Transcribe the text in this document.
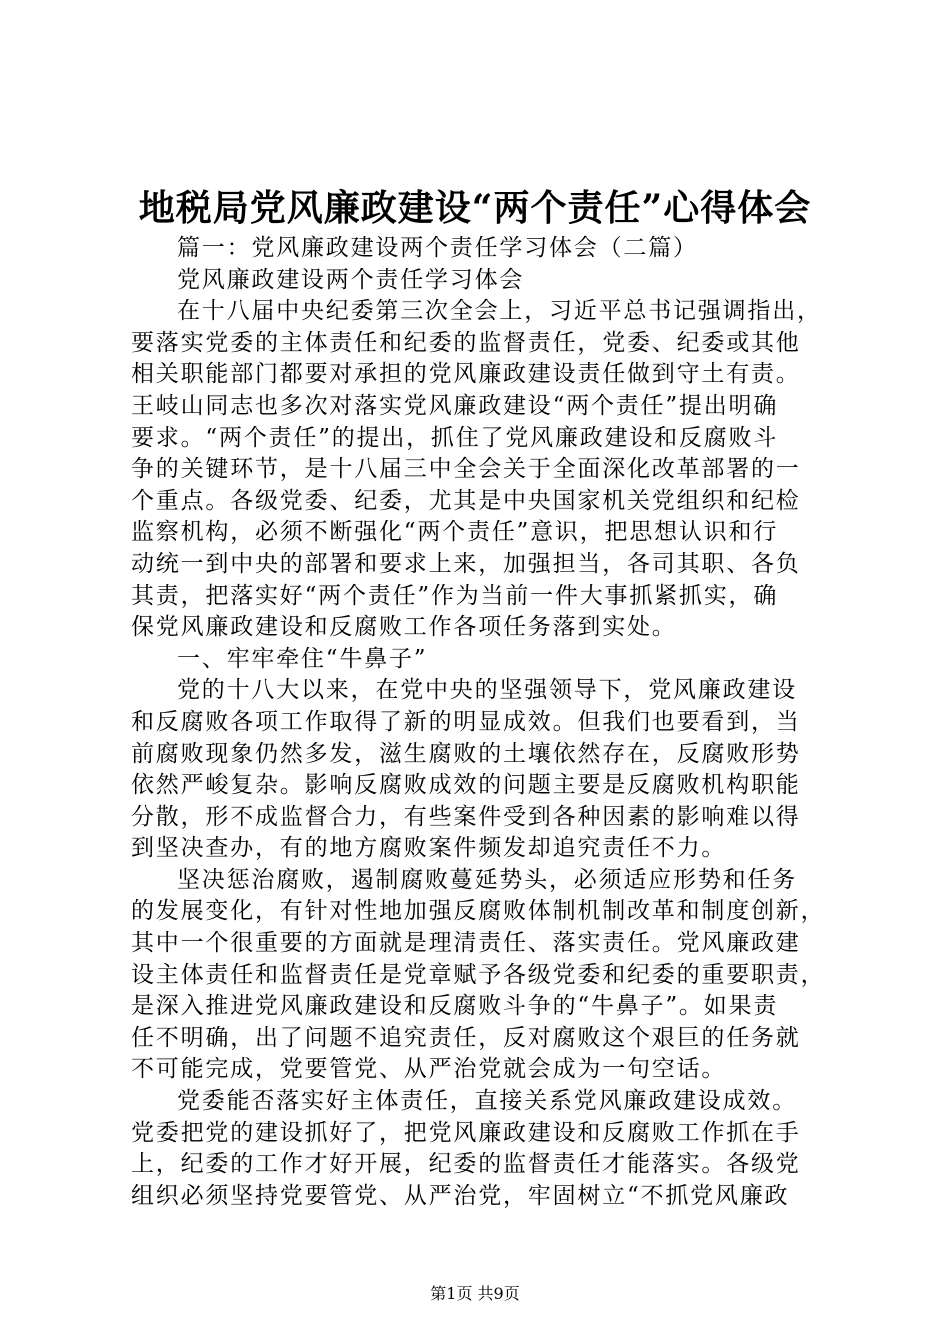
地税局党风廉政建设“两个责任”心得体会
篇一：党风廉政建设两个责任学习体会（二篇）
党风廉政建设两个责任学习体会
在十八届中央纪委第三次全会上，习近平总书记强调指出，
要落实党委的主体责任和纪委的监督责任，党委、纪委或其他
相关职能部门都要对承担的党风廉政建设责任做到守土有责。
王岐山同志也多次对落实党风廉政建设“两个责任”提出明确
要求。“两个责任”的提出，抓住了党风廉政建设和反腐败斗
争的关键环节，是十八届三中全会关于全面深化改革部署的一
个重点。各级党委、纪委，尤其是中央国家机关党组织和纪检
监察机构，必须不断强化“两个责任”意识，把思想认识和行
动统一到中央的部署和要求上来，加强担当，各司其职、各负
其责，把落实好“两个责任”作为当前一件大事抓紧抓实，确
保党风廉政建设和反腐败工作各项任务落到实处。
一、牢牢牵住“牛鼻子”
党的十八大以来，在党中央的坚强领导下，党风廉政建设
和反腐败各项工作取得了新的明显成效。但我们也要看到，当
前腐败现象仍然多发，滋生腐败的土壤依然存在，反腐败形势
依然严峻复杂。影响反腐败成效的问题主要是反腐败机构职能
分散，形不成监督合力，有些案件受到各种因素的影响难以得
到坚决查办，有的地方腐败案件频发却追究责任不力。
坚决惩治腐败，遏制腐败蔓延势头，必须适应形势和任务
的发展变化，有针对性地加强反腐败体制机制改革和制度创新，
其中一个很重要的方面就是理清责任、落实责任。党风廉政建
设主体责任和监督责任是党章赋予各级党委和纪委的重要职责，
是深入推进党风廉政建设和反腐败斗争的“牛鼻子”。如果责
任不明确，出了问题不追究责任，反对腐败这个艰巨的任务就
不可能完成，党要管党、从严治党就会成为一句空话。
党委能否落实好主体责任，直接关系党风廉政建设成效。
党委把党的建设抓好了，把党风廉政建设和反腐败工作抓在手
上，纪委的工作才好开展，纪委的监督责任才能落实。各级党
组织必须坚持党要管党、从严治党，牢固树立“不抓党风廉政
第1页 共9页
